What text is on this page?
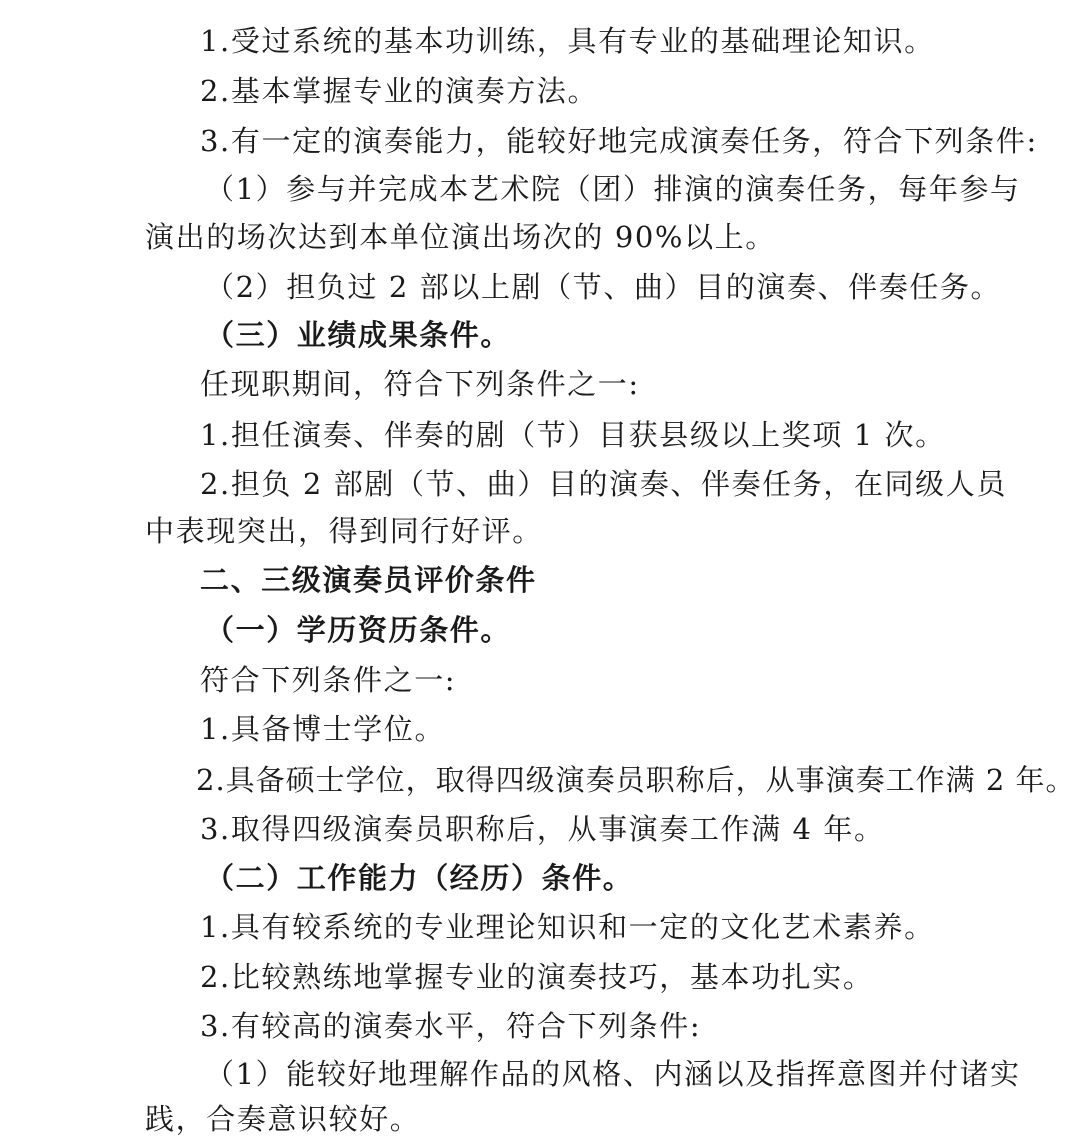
1.受过系统的基本功训练，具有专业的基础理论知识。
2.基本掌握专业的演奏方法。
3.有一定的演奏能力，能较好地完成演奏任务，符合下列条件:
（1）参与并完成本艺术院（团）排演的演奏任务，每年参与
演出的场次达到本单位演出场次的 90%以上。
（2）担负过 2 部以上剧（节、曲）目的演奏、伴奏任务。
（三）业绩成果条件。
任现职期间，符合下列条件之一:
1.担任演奏、伴奏的剧（节）目获县级以上奖项 1 次。
2.担负 2 部剧（节、曲）目的演奏、伴奏任务，在同级人员
中表现突出，得到同行好评。
二、三级演奏员评价条件
（一）学历资历条件。
符合下列条件之一:
1.具备博士学位。
2.具备硕士学位，取得四级演奏员职称后，从事演奏工作满 2 年。
3.取得四级演奏员职称后，从事演奏工作满 4 年。
（二）工作能力（经历）条件。
1.具有较系统的专业理论知识和一定的文化艺术素养。
2.比较熟练地掌握专业的演奏技巧，基本功扎实。
3.有较高的演奏水平，符合下列条件:
（1）能较好地理解作品的风格、内涵以及指挥意图并付诸实
践，合奏意识较好。
